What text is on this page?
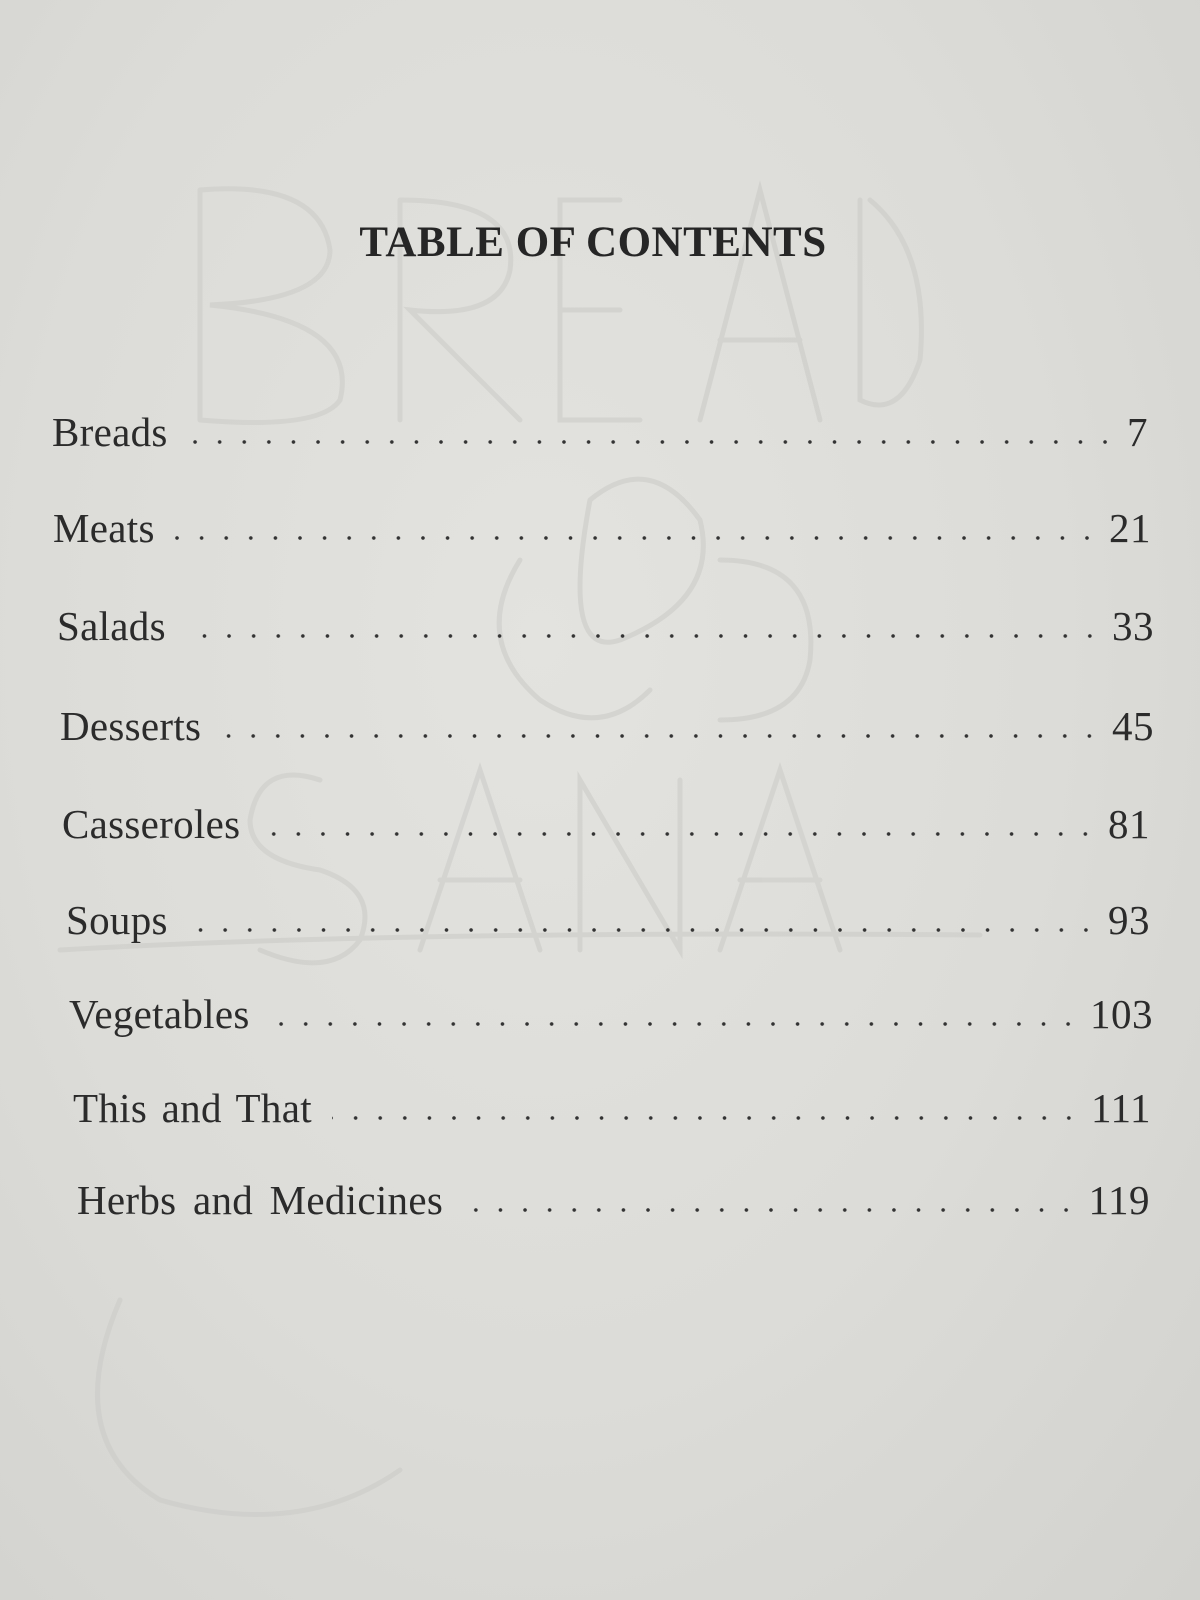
TABLE OF CONTENTS
Breads	7
Meats	21
Salads	33
Desserts	45
Casseroles	81
Soups	93
Vegetables	103
This and That	111
Herbs and Medicines	119
